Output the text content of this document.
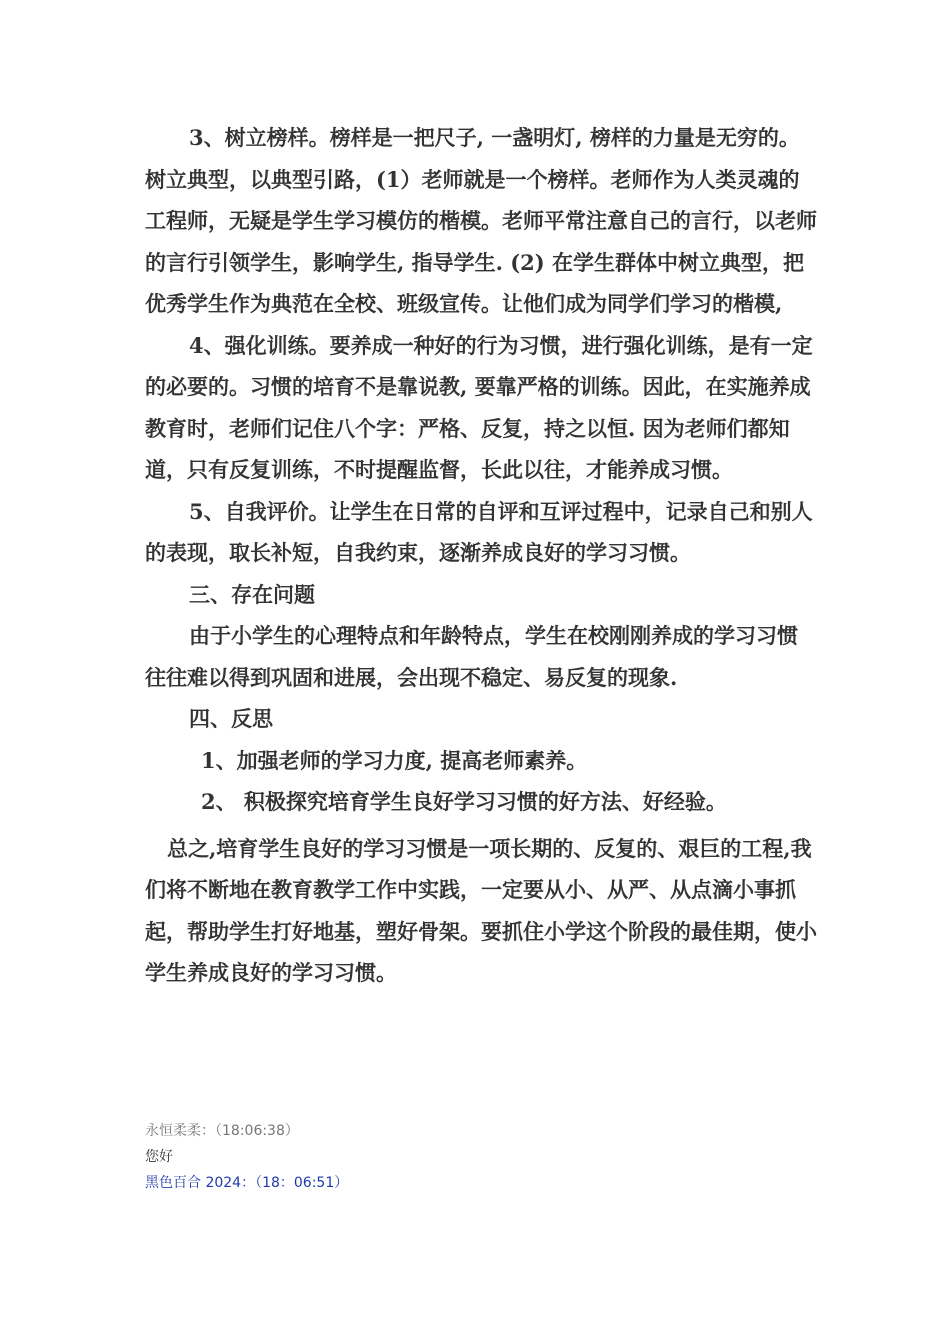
3、树立榜样。榜样是一把尺子, 一盏明灯, 榜样的力量是无穷的。树立典型，以典型引路，(1）老师就是一个榜样。老师作为人类灵魂的工程师，无疑是学生学习模仿的楷模。老师平常注意自己的言行，以老师的言行引领学生，影响学生, 指导学生. (2) 在学生群体中树立典型，把优秀学生作为典范在全校、班级宣传。让他们成为同学们学习的楷模,

4、强化训练。要养成一种好的行为习惯，进行强化训练，是有一定的必要的。习惯的培育不是靠说教, 要靠严格的训练。因此，在实施养成教育时，老师们记住八个字：严格、反复，持之以恒. 因为老师们都知道，只有反复训练，不时提醒监督，长此以往，才能养成习惯。

5、自我评价。让学生在日常的自评和互评过程中，记录自己和别人的表现，取长补短，自我约束，逐渐养成良好的学习习惯。

三、存在问题

由于小学生的心理特点和年龄特点，学生在校刚刚养成的学习习惯往往难以得到巩固和进展，会出现不稳定、易反复的现象.

四、反思

1、加强老师的学习力度, 提高老师素养。

2、 积极探究培育学生良好学习习惯的好方法、好经验。

总之,培育学生良好的学习习惯是一项长期的、反复的、艰巨的工程,我们将不断地在教育教学工作中实践，一定要从小、从严、从点滴小事抓起，帮助学生打好地基，塑好骨架。要抓住小学这个阶段的最佳期，使小学生养成良好的学习习惯。

永恒柔柔：（18:06:38）
您好
黑色百合 2024：（18：06:51）
